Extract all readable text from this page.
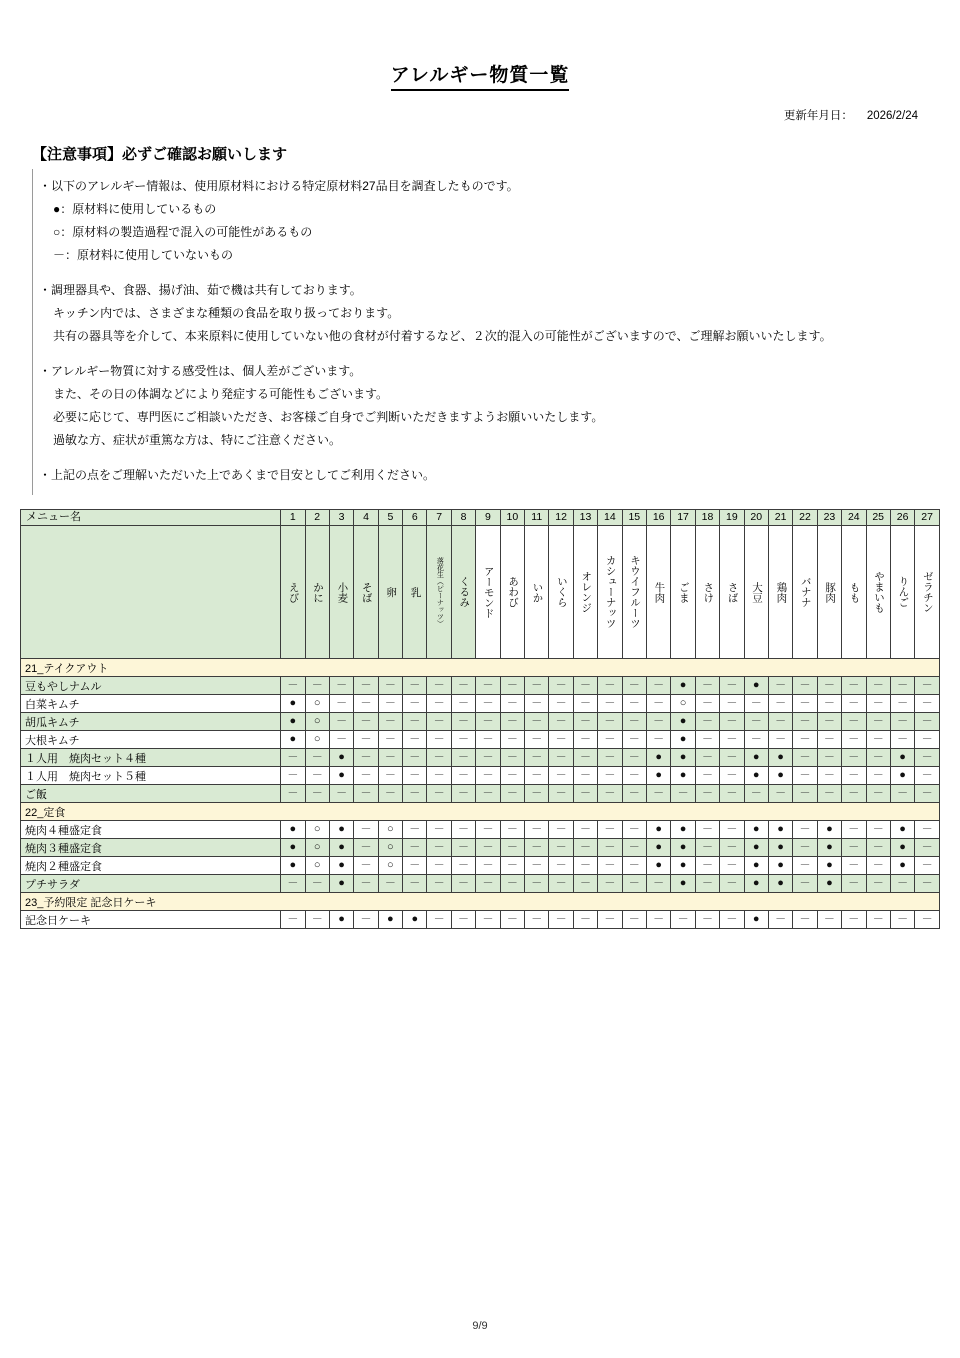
アレルギー物質一覧
更新年月日： 2026/2/24
【注意事項】必ずご確認お願いします
・以下のアレルギー情報は、使用原材料における特定原材料27品目を調査したものです。
●：原材料に使用しているもの
○：原材料の製造過程で混入の可能性があるもの
－：原材料に使用していないもの
・調理器具や、食器、揚げ油、茹で機は共有しております。
キッチン内では、さまざまな種類の食品を取り扱っております。
共有の器具等を介して、本来原料に使用していない他の食材が付着するなど、２次的混入の可能性がございますので、ご理解お願いいたします。
・アレルギー物質に対する感受性は、個人差がございます。
また、その日の体調などにより発症する可能性もございます。
必要に応じて、専門医にご相談いただき、お客様ご自身でご判断いただきますようお願いいたします。
過敏な方、症状が重篤な方は、特にご注意ください。
・上記の点をご理解いただいた上であくまで目安としてご利用ください。
メニュー名	1	2	3	4	5	6	7	8	9	10	11	12	13	14	15	16	17	18	19	20	21	22	23	24	25	26	27

えび	かに	小麦	そば	卵	乳	落花生（ピーナッツ）	くるみ	アーモンド	あわび	いか	いくら	オレンジ	カシューナッツ	キウイフルーツ	牛肉	ごま	さけ	さば	大豆	鶏肉	バナナ	豚肉	もも	やまいも	りんご	ゼラチン

21_テイクアウト																											
豆もやしナムル	－	－	－	－	－	－	－	－	－	－	－	－	－	－	－	－	●	－	－	●	－	－	－	－	－	－	－
白菜キムチ	●	○	－	－	－	－	－	－	－	－	－	－	－	－	－	－	○	－	－	－	－	－	－	－	－	－	－
胡瓜キムチ	●	○	－	－	－	－	－	－	－	－	－	－	－	－	－	－	●	－	－	－	－	－	－	－	－	－	－
大根キムチ	●	○	－	－	－	－	－	－	－	－	－	－	－	－	－	－	●	－	－	－	－	－	－	－	－	－	－
１人用　焼肉セット４種	－	－	●	－	－	－	－	－	－	－	－	－	－	－	－	●	●	－	－	●	●	－	－	－	－	●	－
１人用　焼肉セット５種	－	－	●	－	－	－	－	－	－	－	－	－	－	－	－	●	●	－	－	●	●	－	－	－	－	●	－
ご飯	－	－	－	－	－	－	－	－	－	－	－	－	－	－	－	－	－	－	－	－	－	－	－	－	－	－	－
22_定食																											
焼肉４種盛定食	●	○	●	－	○	－	－	－	－	－	－	－	－	－	－	●	●	－	－	●	●	－	●	－	－	●	－
焼肉３種盛定食	●	○	●	－	○	－	－	－	－	－	－	－	－	－	－	●	●	－	－	●	●	－	●	－	－	●	－
焼肉２種盛定食	●	○	●	－	○	－	－	－	－	－	－	－	－	－	－	●	●	－	－	●	●	－	●	－	－	●	－
プチサラダ	－	－	●	－	－	－	－	－	－	－	－	－	－	－	－	－	●	－	－	●	●	－	●	－	－	－	－
23_予約限定 記念日ケーキ																											
記念日ケーキ	－	－	●	－	●	●	－	－	－	－	－	－	－	－	－	－	－	－	－	●	－	－	－	－	－	－	－
9/9
